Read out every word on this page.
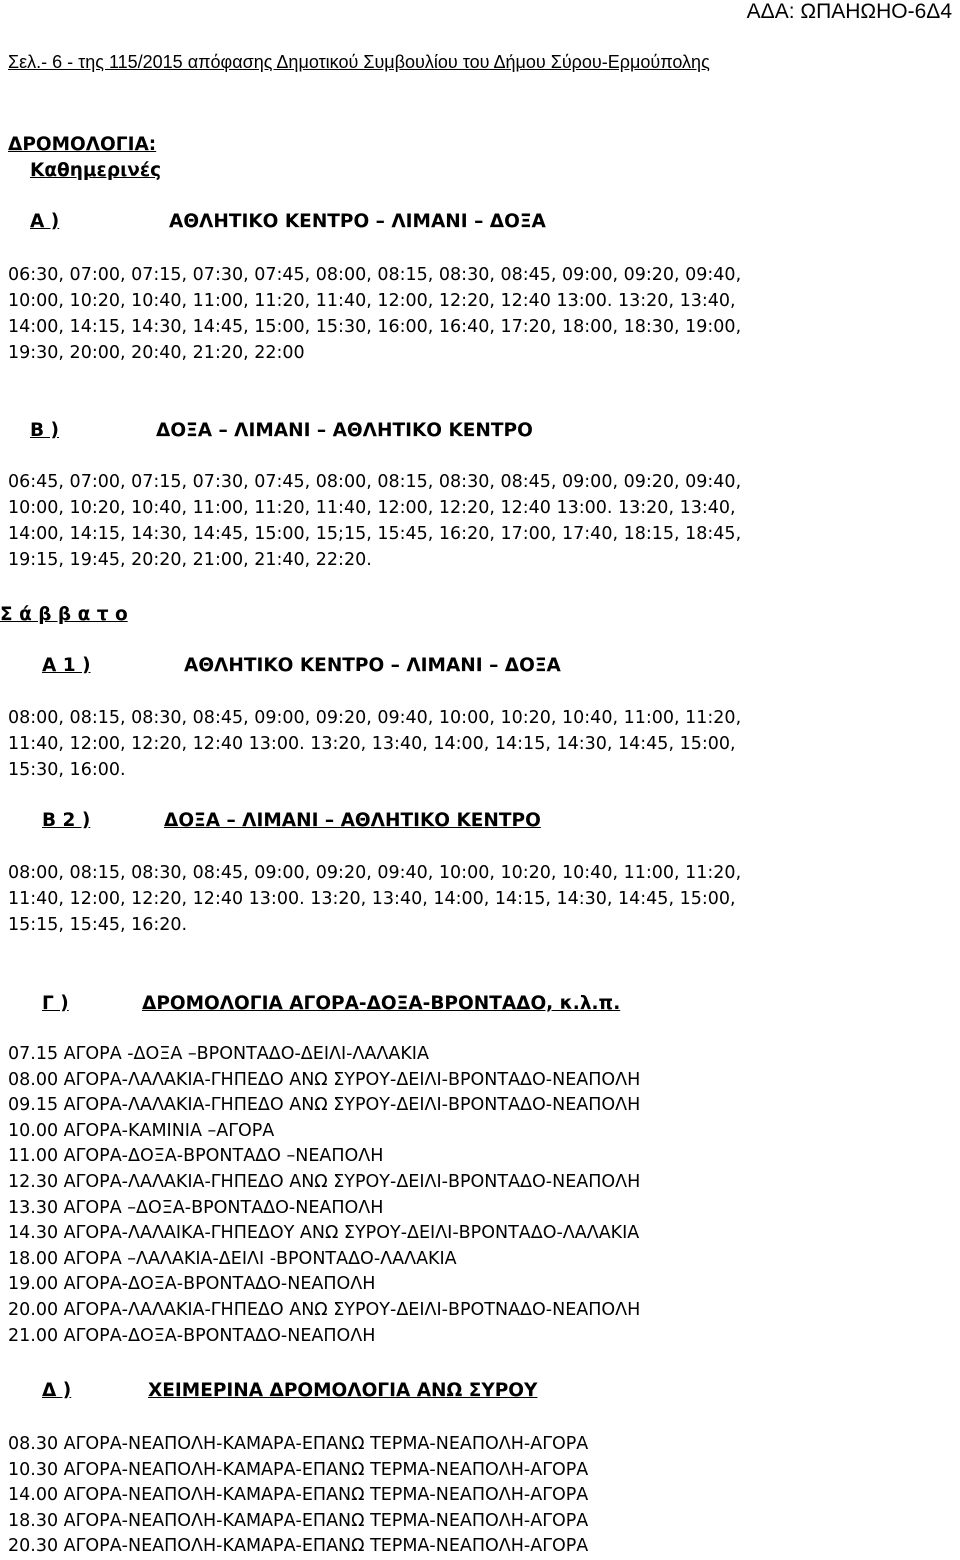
ΑΔΑ: ΩΠΑΗΩΗΟ-6Δ4
Σελ.- 6 - της 115/2015 απόφασης Δημοτικού Συμβουλίου του Δήμου Σύρου-Ερμούπολης
ΔΡΟΜΟΛΟΓΙΑ:
Καθημερινές
Α )	ΑΘΛΗΤΙΚΟ ΚΕΝΤΡΟ – ΛΙΜΑΝΙ – ΔΟΞΑ
06:30, 07:00, 07:15, 07:30, 07:45, 08:00, 08:15, 08:30, 08:45, 09:00, 09:20, 09:40,
10:00, 10:20, 10:40, 11:00, 11:20, 11:40, 12:00, 12:20, 12:40 13:00. 13:20, 13:40,
14:00, 14:15, 14:30, 14:45, 15:00, 15:30, 16:00, 16:40, 17:20, 18:00, 18:30, 19:00,
19:30, 20:00, 20:40, 21:20, 22:00
Β )	ΔΟΞΑ – ΛΙΜΑΝΙ – ΑΘΛΗΤΙΚΟ ΚΕΝΤΡΟ
06:45, 07:00, 07:15, 07:30, 07:45, 08:00, 08:15, 08:30, 08:45, 09:00, 09:20, 09:40,
10:00, 10:20, 10:40, 11:00, 11:20, 11:40, 12:00, 12:20, 12:40 13:00. 13:20, 13:40,
14:00, 14:15, 14:30, 14:45, 15:00, 15;15, 15:45, 16:20, 17:00, 17:40, 18:15, 18:45,
19:15, 19:45, 20:20, 21:00, 21:40, 22:20.
Σ ά β β α τ ο
Α 1 )	ΑΘΛΗΤΙΚΟ ΚΕΝΤΡΟ – ΛΙΜΑΝΙ – ΔΟΞΑ
08:00, 08:15, 08:30, 08:45, 09:00, 09:20, 09:40, 10:00, 10:20, 10:40, 11:00, 11:20,
11:40, 12:00, 12:20, 12:40 13:00. 13:20, 13:40, 14:00, 14:15, 14:30, 14:45, 15:00,
15:30, 16:00.
Β 2 )	ΔΟΞΑ – ΛΙΜΑΝΙ – ΑΘΛΗΤΙΚΟ ΚΕΝΤΡΟ
08:00, 08:15, 08:30, 08:45, 09:00, 09:20, 09:40, 10:00, 10:20, 10:40, 11:00, 11:20,
11:40, 12:00, 12:20, 12:40 13:00. 13:20, 13:40, 14:00, 14:15, 14:30, 14:45, 15:00,
15:15, 15:45, 16:20.
Γ )	ΔΡΟΜΟΛΟΓΙΑ ΑΓΟΡΑ-ΔΟΞΑ-ΒΡΟΝΤΑΔΟ, κ.λ.π.
07.15 ΑΓΟΡΑ -ΔΟΞΑ –ΒΡΟΝΤΑΔΟ-ΔΕΙΛΙ-ΛΑΛΑΚΙΑ
08.00 ΑΓΟΡΑ-ΛΑΛΑΚΙΑ-ΓΗΠΕΔΟ ΑΝΩ ΣΥΡΟΥ-ΔΕΙΛΙ-ΒΡΟΝΤΑΔΟ-ΝΕΑΠΟΛΗ
09.15 ΑΓΟΡΑ-ΛΑΛΑΚΙΑ-ΓΗΠΕΔΟ ΑΝΩ ΣΥΡΟΥ-ΔΕΙΛΙ-ΒΡΟΝΤΑΔΟ-ΝΕΑΠΟΛΗ
10.00 ΑΓΟΡΑ-ΚΑΜΙΝΙΑ –ΑΓΟΡΑ
11.00 ΑΓΟΡΑ-ΔΟΞΑ-ΒΡΟΝΤΑΔΟ –ΝΕΑΠΟΛΗ
12.30 ΑΓΟΡΑ-ΛΑΛΑΚΙΑ-ΓΗΠΕΔΟ ΑΝΩ ΣΥΡΟΥ-ΔΕΙΛΙ-ΒΡΟΝΤΑΔΟ-ΝΕΑΠΟΛΗ
13.30 ΑΓΟΡΑ –ΔΟΞΑ-ΒΡΟΝΤΑΔΟ-ΝΕΑΠΟΛΗ
14.30 ΑΓΟΡΑ-ΛΑΛΑΙΚΑ-ΓΗΠΕΔΟΥ ΑΝΩ ΣΥΡΟΥ-ΔΕΙΛΙ-ΒΡΟΝΤΑΔΟ-ΛΑΛΑΚΙΑ
18.00 ΑΓΟΡΑ –ΛΑΛΑΚΙΑ-ΔΕΙΛΙ -ΒΡΟΝΤΑΔΟ-ΛΑΛΑΚΙΑ
19.00 ΑΓΟΡΑ-ΔΟΞΑ-ΒΡΟΝΤΑΔΟ-ΝΕΑΠΟΛΗ
20.00 ΑΓΟΡΑ-ΛΑΛΑΚΙΑ-ΓΗΠΕΔΟ ΑΝΩ ΣΥΡΟΥ-ΔΕΙΛΙ-ΒΡΟΤΝΑΔΟ-ΝΕΑΠΟΛΗ
21.00 ΑΓΟΡΑ-ΔΟΞΑ-ΒΡΟΝΤΑΔΟ-ΝΕΑΠΟΛΗ
Δ )	ΧΕΙΜΕΡΙΝΑ ΔΡΟΜΟΛΟΓΙΑ ΑΝΩ ΣΥΡΟΥ
08.30 ΑΓΟΡΑ-ΝΕΑΠΟΛΗ-ΚΑΜΑΡΑ-ΕΠΑΝΩ ΤΕΡΜΑ-ΝΕΑΠΟΛΗ-ΑΓΟΡΑ
10.30 ΑΓΟΡΑ-ΝΕΑΠΟΛΗ-ΚΑΜΑΡΑ-ΕΠΑΝΩ ΤΕΡΜΑ-ΝΕΑΠΟΛΗ-ΑΓΟΡΑ
14.00 ΑΓΟΡΑ-ΝΕΑΠΟΛΗ-ΚΑΜΑΡΑ-ΕΠΑΝΩ ΤΕΡΜΑ-ΝΕΑΠΟΛΗ-ΑΓΟΡΑ
18.30 ΑΓΟΡΑ-ΝΕΑΠΟΛΗ-ΚΑΜΑΡΑ-ΕΠΑΝΩ ΤΕΡΜΑ-ΝΕΑΠΟΛΗ-ΑΓΟΡΑ
20.30 ΑΓΟΡΑ-ΝΕΑΠΟΛΗ-ΚΑΜΑΡΑ-ΕΠΑΝΩ ΤΕΡΜΑ-ΝΕΑΠΟΛΗ-ΑΓΟΡΑ
